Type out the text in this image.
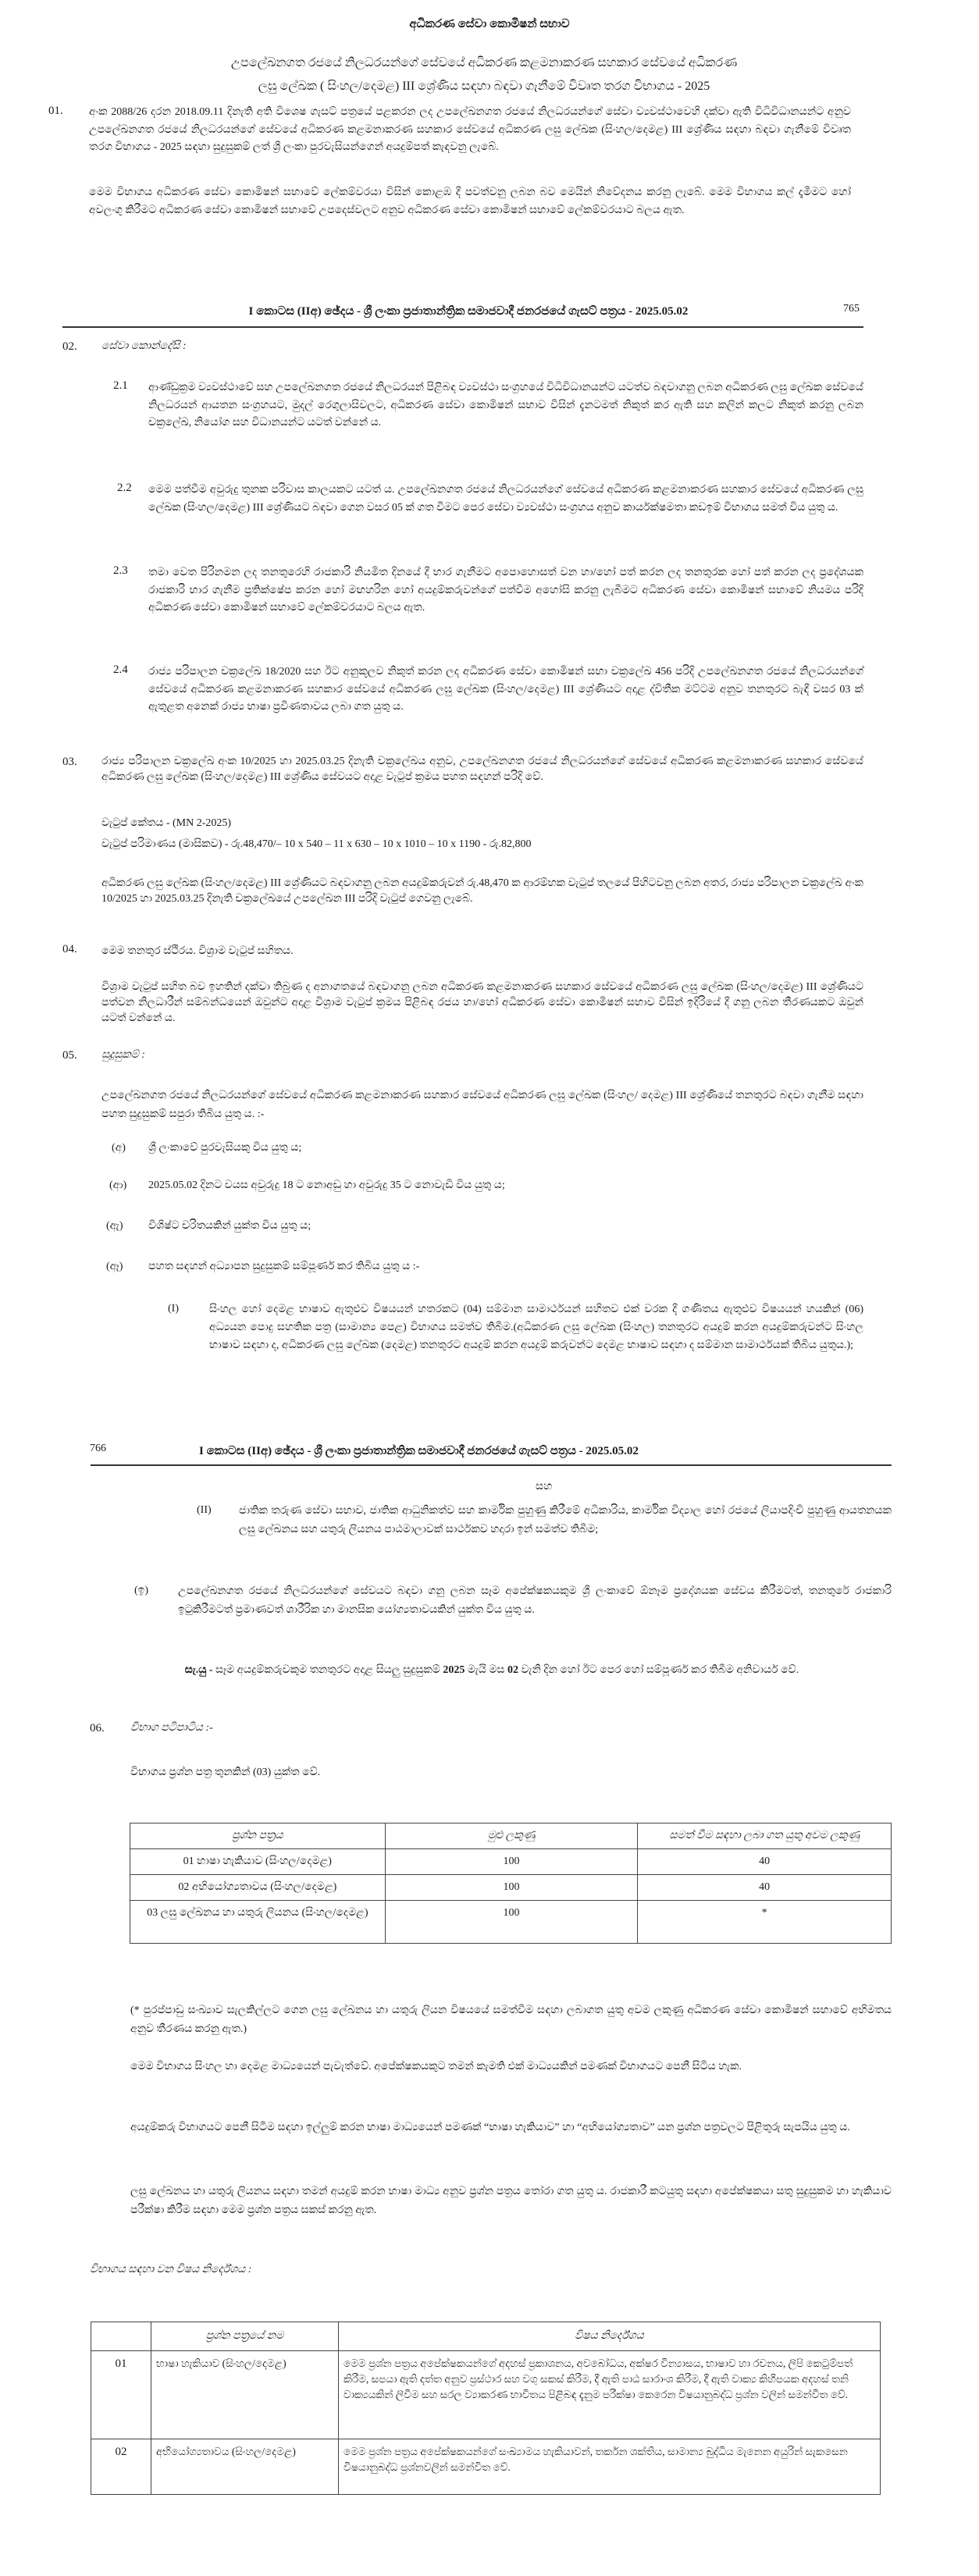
අධිකරණ සේවා කොමිෂන් සභාව
උපලේඛනගත රජයේ නිලධරයන්ගේ සේවයේ අධිකරණ කළමනාකරණ සහකාර සේවයේ අධිකරණ
ලඝු ලේඛක ( සිංහල/දෙමළ) III ශ්‍රේණිය සඳහා බඳවා ගැනීමේ විවෘත තරග විභාගය - 2025
01. අංක 2088/26 දරන 2018.09.11 දිනැති අති විශෙෂ ගැසට් පත්‍රයේ පළකරන ලද උපලේඛනගත රජයේ නිලධරයන්ගේ සේවා ව්‍යවස්ථාවෙහි දක්වා ඇති විධිවිධානයන්ට අනුව උපලේඛනගත රජයේ නිලධරයන්ගේ සේවයේ අධිකරණ කළමනාකරණ සහකාර සේවයේ අධිකරණ ලඝු ලේඛක (සිංහල/දෙමළ) III ශ්‍රේණිය සඳහා බඳවා ගැනීමේ විවෘත තරග විභාගය - 2025 සඳහා සුදුසුකම් ලත් ශ්‍රී ලංකා පුරවැසියන්ගෙන් අයදුම්පත් කැඳවනු ලැබේ.
මෙම විභාගය අධිකරණ සේවා කොමිෂන් සභාවේ ලේකම්වරයා විසින් කොළඹ දී පවත්වනු ලබන බව මෙයින් නිවේදනය කරනු ලැබේ. මෙම විභාගය කල් දැමීමට හෝ අවලංගු කිරීමට අධිකරණ සේවා කොමිෂන් සභාවේ උපදෙස්වලට අනුව අධිකරණ සේවා කොමිෂන් සභාවේ ලේකම්වරයාට බලය ඇත.
I කොටස (IIඅ) ඡේදය - ශ්‍රී ලංකා ප්‍රජාතාන්ත්‍රික සමාජවාදී ජනරජයේ ගැසට් පත්‍රය - 2025.05.02	765
02. සේවා කොන්දේසි :
2.1 ආණ්ඩුක්‍රම ව්‍යවස්ථාවේ සහ උපලේඛනගත රජයේ නිලධරයන් පිළිබඳ ව්‍යවස්ථා සංග්‍රහයේ විධිවිධානයන්ට යටත්ව බඳවාගනු ලබන අධිකරණ ලඝු ලේඛක සේවයේ නිලධරයන් ආයතන සංග්‍රහයට, මුදල් රෙගුලාසිවලට, අධිකරණ සේවා කොමිෂන් සභාව විසින් දැනටමත් නිකුත් කර ඇති සහ කලින් කලට නිකුත් කරනු ලබන චක්‍රලේඛ, නියෝග සහ විධානයන්ට යටත් වන්නේ ය.
2.2 මෙම පත්වීම අවුරුදු තුනක පරිවාස කාලයකට යටත් ය. උපලේඛනගත රජයේ නිලධරයන්ගේ සේවයේ අධිකරණ කළමනාකරණ සහකාර සේවයේ අධිකරණ ලඝු ලේඛක (සිංහල/දෙමළ) III ශ්‍රේණියට බඳවා ගෙන වසර 05 ක් ගත වීමට පෙර සේවා ව්‍යවස්ථා සංග්‍රහය අනුව කාර්යක්ෂමතා කඩඉම් විභාගය සමත් විය යුතු ය.
2.3 තමා වෙත පිරිනමන ලද තනතුරෙහි රාජකාරි නියමිත දිනයේ දී භාර ගැනීමට අපොහොසත් වන හා/හෝ පත් කරන ලද තනතුරක හෝ පත් කරන ලද ප්‍රදේශයක රාජකාරි භාර ගැනීම ප්‍රතික්ෂේප කරන හෝ මඟහරින හෝ අයදුම්කරුවන්ගේ පත්වීම අහෝසි කරනු ලැබීමට අධිකරණ සේවා කොමිෂන් සභාවේ නියමය පරිදි අධිකරණ සේවා කොමිෂන් සභාවේ ලේකම්වරයාට බලය ඇත.
2.4 රාජ්‍ය පරිපාලන චක්‍රලේඛ 18/2020 සහ ඊට අනුකූලව නිකුත් කරන ලද අධිකරණ සේවා කොමිෂන් සභා චක්‍රලේඛ 456 පරිදි උපලේඛනගත රජයේ නිලධරයන්ගේ සේවයේ අධිකරණ කළමනාකරණ සහකාර සේවයේ අධිකරණ ලඝු ලේඛක (සිංහල/දෙමළ) III ශ්‍රේණියට අදාළ ද්විතීක මට්ටම අනුව තනතුරට බැඳී වසර 03 ක් ඇතුළත අනෙක් රාජ්‍ය භාෂා ප්‍රවීණතාවය ලබා ගත යුතු ය.
03. රාජ්‍ය පරිපාලන චක්‍රලේඛ අංක 10/2025 හා 2025.03.25 දිනැති චක්‍රලේඛය අනුව, උපලේඛනගත රජයේ නිලධරයන්ගේ සේවයේ අධිකරණ කළමනාකරණ සහකාර සේවයේ අධිකරණ ලඝු ලේඛක (සිංහල/දෙමළ) III ශ්‍රේණිය සේවයට අදාළ වැටුප් ක්‍රමය පහත සඳහන් පරිදි වේ.
වැටුප් කේතය - (MN 2-2025)
වැටුප් පරිමාණය (මාසිකව) - රු.48,470/– 10 x 540 – 11 x 630 – 10 x 1010 – 10 x 1190 - රු.82,800
අධිකරණ ලඝු ලේඛක (සිංහල/දෙමළ) III ශ්‍රේණියට බඳවාගනු ලබන අයදුම්කරුවන් රු.48,470 ක ආරම්භක වැටුප් තලයේ පිහිටවනු ලබන අතර, රාජ්‍ය පරිපාලන චක්‍රලේඛ අංක 10/2025 හා 2025.03.25 දිනැති චක්‍රලේඛයේ උපලේඛන III පරිදි වැටුප් ගෙවනු ලැබේ.
04. මෙම තනතුර ස්ථිරය. විශ්‍රාම වැටුප් සහිතය.
විශ්‍රාම වැටුප් සහිත බව ඉහතින් දක්වා තිබුණ ද අනාගතයේ බඳවාගනු ලබන අධිකරණ කළමනාකරණ සහකාර සේවයේ අධිකරණ ලඝු ලේඛක (සිංහල/දෙමළ) III ශ්‍රේණියට පත්වන නිලධාරීන් සම්බන්ධයෙන් ඔවුන්ට අදාළ විශ්‍රාම වැටුප් ක්‍රමය පිළිබඳ රජය හා/හෝ අධිකරණ සේවා කොමිෂන් සභාව විසින් ඉදිරියේ දී ගනු ලබන තීරණයකට ඔවුන් යටත් වන්නේ ය.
05. සුදුසුකම් :
උපලේඛනගත රජයේ නිලධරයන්ගේ සේවයේ අධිකරණ කළමනාකරණ සහකාර සේවයේ අධිකරණ ලඝු ලේඛක (සිංහල/ දෙමළ) III ශ්‍රේණියේ තනතුරට බඳවා ගැනීම සඳහා පහත සුදුසුකම් සපුරා තිබිය යුතු ය. :-
(අ) ශ්‍රී ලංකාවේ පුරවැසියකු විය යුතු ය;
(ආ) 2025.05.02 දිනට වයස අවුරුදු 18 ට නොඅඩු හා අවුරුදු 35 ට නොවැඩි විය යුතු ය;
(ඇ) විශිෂ්ට චරිතයකින් යුක්ත විය යුතු ය;
(ඈ) පහත සඳහන් අධ්‍යාපන සුදුසුකම් සම්පූර්ණ කර තිබිය යුතු ය :-
(I)	සිංහල හෝ දෙමළ භාෂාව ඇතුළුව විෂයයන් හතරකට (04) සම්මාන සාමාර්ථයන් සහිතව එක් වරක දී ගණිතය ඇතුළුව විෂයයන් හයකින් (06) අධ්‍යයන පොදු සහතික පත්‍ර (සාමාන්‍ය පෙළ) විභාගය සමත්ව තිබීම.(අධිකරණ ලඝු ලේඛක (සිංහල) තනතුරට අයදුම් කරන අයදුම්කරුවන්ට සිංහල භාෂාව සඳහා ද, අධිකරණ ලඝු ලේඛක (දෙමළ) තනතුරට අයදුම් කරන අයදුම් කරුවන්ට දෙමළ භාෂාව සඳහා ද සම්මාන සාමාර්ථයක් තිබිය යුතුය.);
766	I කොටස (IIඅ) ඡේදය - ශ්‍රී ලංකා ප්‍රජාතාන්ත්‍රික සමාජවාදී ජනරජයේ ගැසට් පත්‍රය - 2025.05.02
සහ
(II)	ජාතික තරුණ සේවා සභාව, ජාතික ආධුනිකත්ව සහ කාර්මික පුහුණු කිරීමේ අධිකාරිය, කාර්මික විද්‍යාල හෝ රජයේ ලියාපදිංචි පුහුණු ආයතනයක ලඝු ලේඛනය සහ යතුරු ලියනය පාඨමාලාවක් සාර්ථකව හදාරා ඉන් සමත්ව තිබීම;
(ඉ)	උපලේඛනගත රජයේ නිලධරයන්ගේ සේවයට බඳවා ගනු ලබන සෑම අපේක්ෂකයකුම ශ්‍රී ලංකාවේ ඕනෑම ප්‍රදේශයක සේවය කිරීමටත්, තනතුරේ රාජකාරි ඉටුකිරීමටත් ප්‍රමාණවත් ශාරීරික හා මානසික යෝග්‍යතාවයකින් යුක්ත විය යුතු ය.
සැ.යු - සෑම අයදුම්කරුවකුම තනතුරට අදාළ සියලු සුදුසුකම් 2025 මැයි මස 02 වැනි දින හෝ ඊට පෙර හෝ සම්පූර්ණ කර තිබීම අනිවාර්ය වේ.
06. විභාග පටිපාටිය :-
විභාගය ප්‍රශ්න පත්‍ර තුනකින් (03) යුක්ත වේ.
ප්‍රශ්න පත්‍රය	මුළු ලකුණු	සමත් වීම සඳහා ලබා ගත යුතු අවම ලකුණු
01 භාෂා හැකියාව (සිංහල/දෙමළ)	100	40
02 අභියෝග්‍යතාවය (සිංහල/දෙමළ)	100	40
03 ලඝු ලේඛනය හා යතුරු ලියනය (සිංහල/දෙමළ)	100	*
(* පුරප්පාඩු සංඛ්‍යාව සැලකිල්ලට ගෙන ලඝු ලේඛනය හා යතුරු ලියන විෂයයේ සමත්වීම සඳහා ලබාගත යුතු අවම ලකුණු අධිකරණ සේවා කොමිෂන් සභාවේ අභිමතය අනුව තීරණය කරනු ඇත.)
මෙම විභාගය සිංහල හා දෙමළ මාධ්‍යයෙන් පැවැත්වේ. අපේක්ෂකයකුට තමන් කැමති එක් මාධ්‍යයකින් පමණක් විභාගයට පෙනී සිටිය හැක.
අයදුම්කරු විභාගයට පෙනී සිටීම සඳහා ඉල්ලුම් කරන භාෂා මාධ්‍යයෙන් පමණක් “භාෂා හැකියාව” හා “අභියෝග්‍යතාව” යන ප්‍රශ්න පත්‍රවලට පිළිතුරු සැපයිය යුතු ය.
ලඝු ලේඛනය හා යතුරු ලියනය සඳහා තමන් අයදුම් කරන භාෂා මාධ්‍ය අනුව ප්‍රශ්න පත්‍රය තෝරා ගත යුතු ය. රාජකාරී කටයුතු සඳහා අපේක්ෂකයා සතු සුදුසුකම හා හැකියාව පරීක්ෂා කිරීම සඳහා මෙම ප්‍රශ්න පත්‍රය සකස් කරනු ඇත.
විභාගය සඳහා වන විෂය නිර්දේශය :
	ප්‍රශ්න පත්‍රයේ නම	විෂය නිර්දේශය
01	භාෂා හැකියාව (සිංහල/දෙමළ)	මෙම ප්‍රශ්න පත්‍රය අපේක්ෂකයන්ගේ අදහස් ප්‍රකාශනය, අවබෝධය, අක්ෂර වින්‍යාසය, භාෂාව හා රචනය, ලිපි කෙටුම්පත් කිරීම, සපයා ඇති දත්ත අනුව ප්‍රස්ථාර සහ වගු සකස් කිරීම, දී ඇති පාඨ සාරාංශ කිරීම, දී ඇති වාක්‍ය කිහිපයක අදහස් තනි වාක්‍යයකින් ලිවීම සහ සරල ව්‍යාකරණ භාවිතය පිළිබඳ දැනුම පරීක්ෂා කෙරෙන විෂයානුබද්ධ ප්‍රශ්න වලින් සමන්විත වේ.
02	අභියෝග්‍යතාවය (සිංහල/දෙමළ)	මෙම ප්‍රශ්න පත්‍රය අපේක්ෂකයන්ගේ සංඛ්‍යාමය හැකියාවන්, තර්කන ශක්තිය, සාමාන්‍ය බුද්ධිය මැනෙන අයුරින් සැකසෙන විෂයානුබද්ධ ප්‍රශ්නවලින් සමන්විත වේ.
